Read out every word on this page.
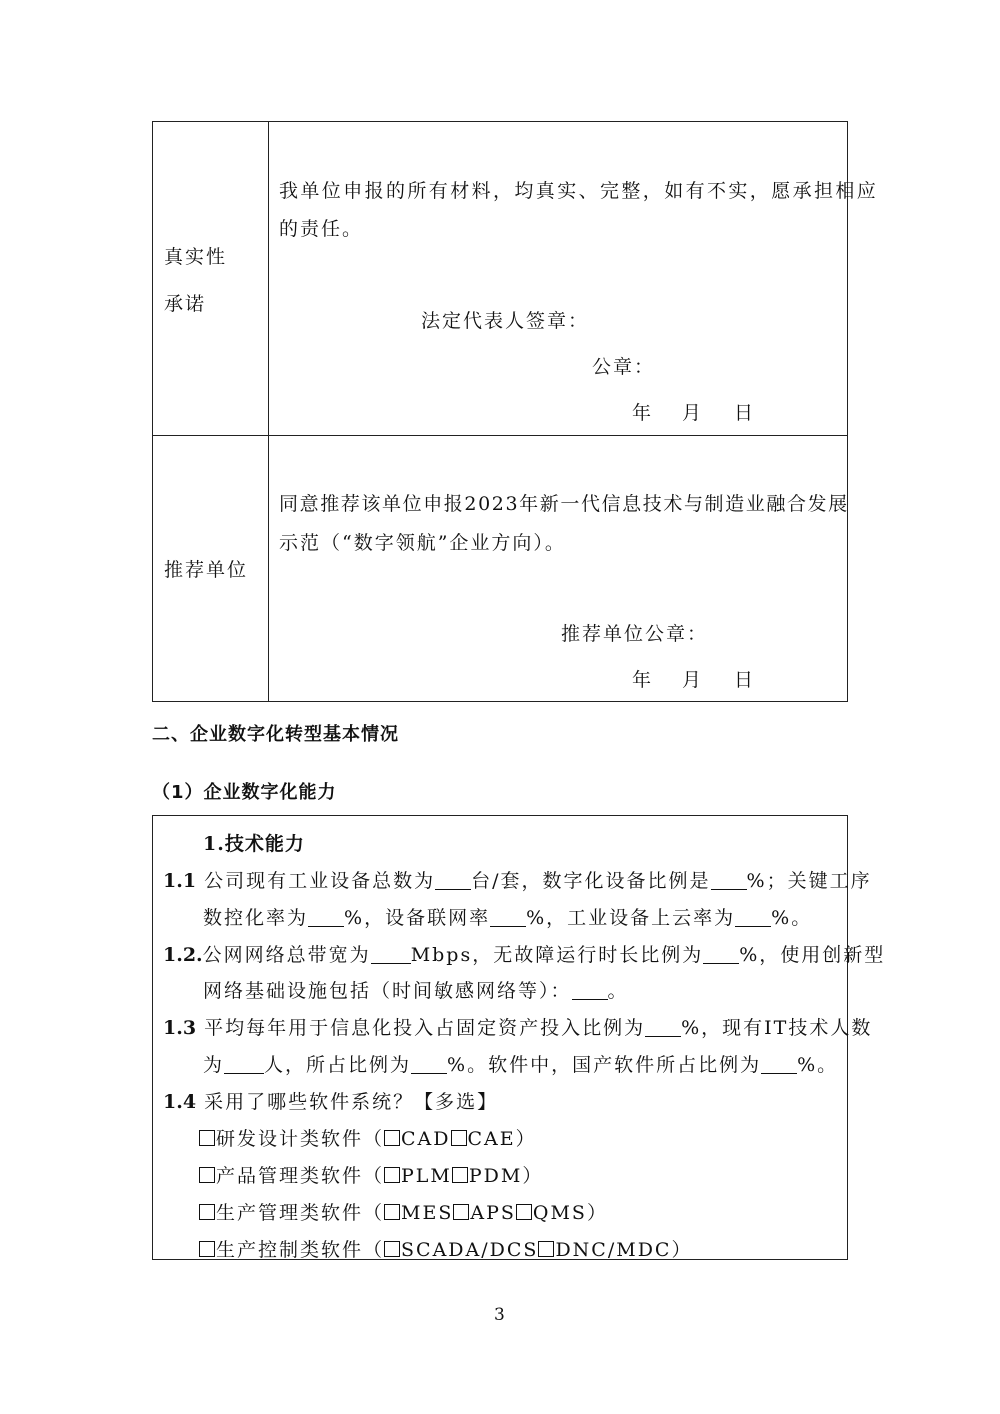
真实性
承诺
我单位申报的所有材料，均真实、完整，如有不实，愿承担相应
的责任。
法定代表人签章：
公章：
年 月 日
推荐单位
同意推荐该单位申报2023年新一代信息技术与制造业融合发展
示范（“数字领航”企业方向）。
推荐单位公章：
年 月 日
二、企业数字化转型基本情况
（1）企业数字化能力
1.技术能力
1.1 公司现有工业设备总数为 台/套，数字化设备比例是 %；关键工序
数控化率为 %，设备联网率 %，工业设备上云率为 %。
1.2.公网网络总带宽为 Mbps，无故障运行时长比例为 %，使用创新型
网络基础设施包括（时间敏感网络等）： 。
1.3 平均每年用于信息化投入占固定资产投入比例为 %，现有IT技术人数
为 人，所占比例为 %。软件中，国产软件所占比例为 %。
1.4 采用了哪些软件系统？【多选】
研发设计类软件（ CAD CAE）
产品管理类软件（ PLM PDM）
生产管理类软件（ MES APS QMS）
生产控制类软件（ SCADA/DCS DNC/MDC）
3
